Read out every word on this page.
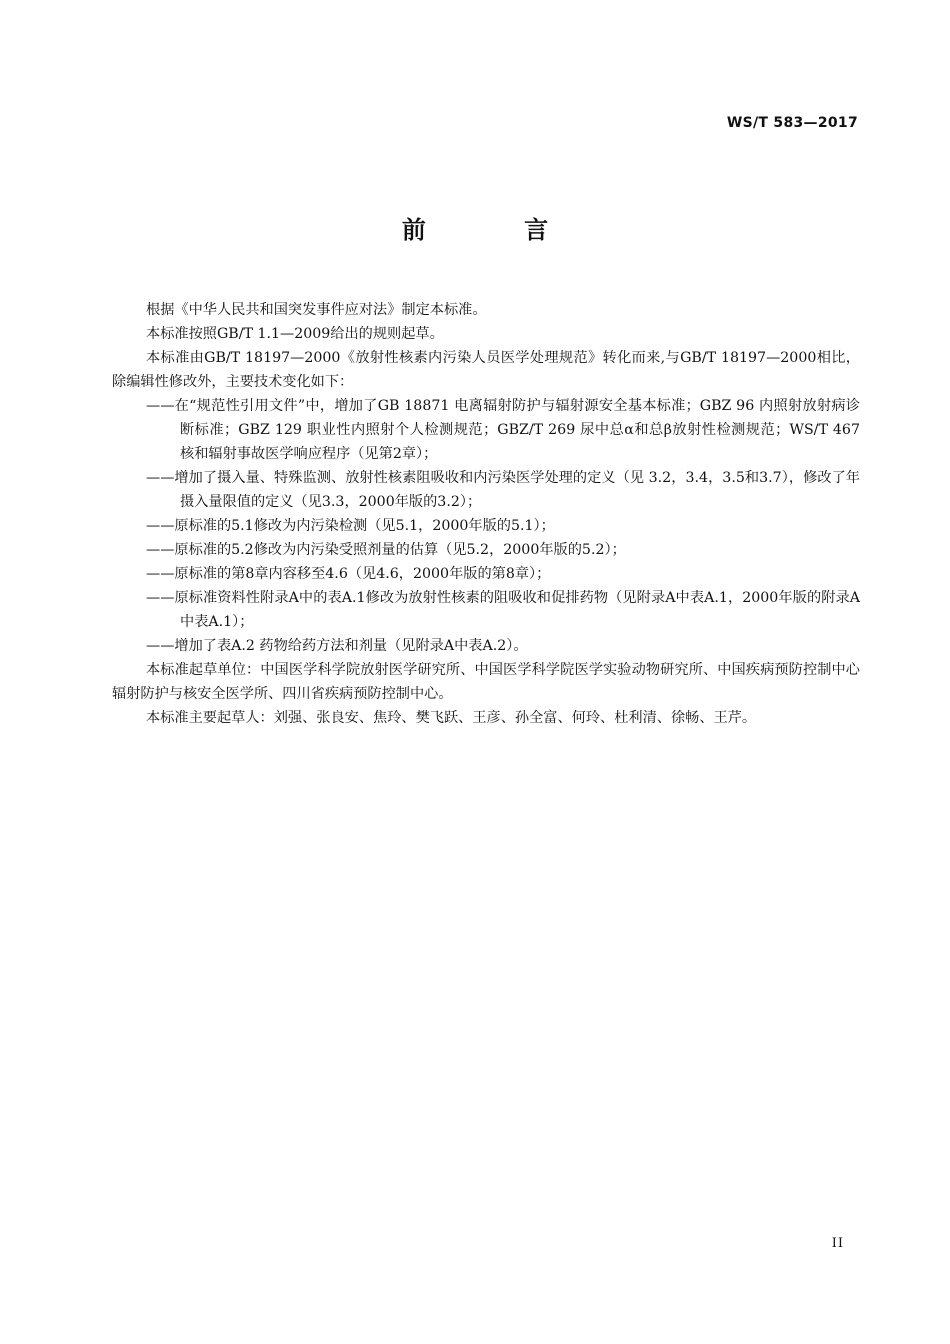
WS/T 583—2017
前 言

根据《中华人民共和国突发事件应对法》制定本标准。

本标准按照GB/T 1.1—2009给出的规则起草。

本标准由GB/T 18197—2000《放射性核素内污染人员医学处理规范》转化而来,与GB/T 18197—2000相比，除编辑性修改外，主要技术变化如下：

——在“规范性引用文件”中，增加了GB 18871 电离辐射防护与辐射源安全基本标准；GBZ 96 内照射放射病诊断标准；GBZ 129 职业性内照射个人检测规范；GBZ/T 269 尿中总α和总β放射性检测规范；WS/T 467 核和辐射事故医学响应程序（见第2章）；

——增加了摄入量、特殊监测、放射性核素阻吸收和内污染医学处理的定义（见 3.2，3.4，3.5和3.7），修改了年摄入量限值的定义（见3.3，2000年版的3.2）；

——原标准的5.1修改为内污染检测（见5.1，2000年版的5.1）；

——原标准的5.2修改为内污染受照剂量的估算（见5.2，2000年版的5.2）；

——原标准的第8章内容移至4.6（见4.6，2000年版的第8章）；

——原标准资料性附录A中的表A.1修改为放射性核素的阻吸收和促排药物（见附录A中表A.1，2000年版的附录A中表A.1）；

——增加了表A.2 药物给药方法和剂量（见附录A中表A.2）。

本标准起草单位：中国医学科学院放射医学研究所、中国医学科学院医学实验动物研究所、中国疾病预防控制中心辐射防护与核安全医学所、四川省疾病预防控制中心。

本标准主要起草人：刘强、张良安、焦玲、樊飞跃、王彦、孙全富、何玲、杜利清、徐畅、王芹。

II
